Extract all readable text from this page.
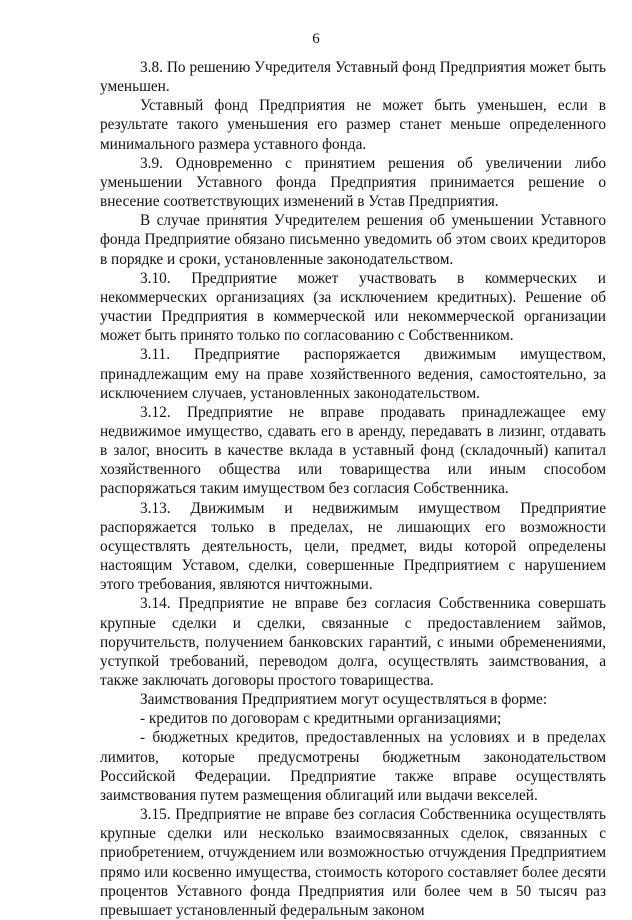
6

3.8. По решению Учредителя Уставный фонд Предприятия может быть уменьшен.

Уставный фонд Предприятия не может быть уменьшен, если в результате такого уменьшения его размер станет меньше определенного минимального размера уставного фонда.

3.9. Одновременно с принятием решения об увеличении либо уменьшении Уставного фонда Предприятия принимается решение о внесение соответствующих изменений в Устав Предприятия.

В случае принятия Учредителем решения об уменьшении Уставного фонда Предприятие обязано письменно уведомить об этом своих кредиторов в порядке и сроки, установленные законодательством.

3.10. Предприятие может участвовать в коммерческих и некоммерческих организациях (за исключением кредитных). Решение об участии Предприятия в коммерческой или некоммерческой организации может быть принято только по согласованию с Собственником.

3.11. Предприятие распоряжается движимым имуществом, принадлежащим ему на праве хозяйственного ведения, самостоятельно, за исключением случаев, установленных законодательством.

3.12. Предприятие не вправе продавать принадлежащее ему недвижимое имущество, сдавать его в аренду, передавать в лизинг, отдавать в залог, вносить в качестве вклада в уставный фонд (складочный) капитал хозяйственного общества или товарищества или иным способом распоряжаться таким имуществом без согласия Собственника.

3.13. Движимым и недвижимым имуществом Предприятие распоряжается только в пределах, не лишающих его возможности осуществлять деятельность, цели, предмет, виды которой определены настоящим Уставом, сделки, совершенные Предприятием с нарушением этого требования, являются ничтожными.

3.14. Предприятие не вправе без согласия Собственника совершать крупные сделки и сделки, связанные с предоставлением займов, поручительств, получением банковских гарантий, с иными обременениями, уступкой требований, переводом долга, осуществлять заимствования, а также заключать договоры простого товарищества.

Заимствования Предприятием могут осуществляться в форме:

- кредитов по договорам с кредитными организациями;

- бюджетных кредитов, предоставленных на условиях и в пределах лимитов, которые предусмотрены бюджетным законодательством Российской Федерации. Предприятие также вправе осуществлять заимствования путем размещения облигаций или выдачи векселей.

3.15. Предприятие не вправе без согласия Собственника осуществлять крупные сделки или несколько взаимосвязанных сделок, связанных с приобретением, отчуждением или возможностью отчуждения Предприятием прямо или косвенно имущества, стоимость которого составляет более десяти процентов Уставного фонда Предприятия или более чем в 50 тысяч раз превышает установленный федеральным законом
